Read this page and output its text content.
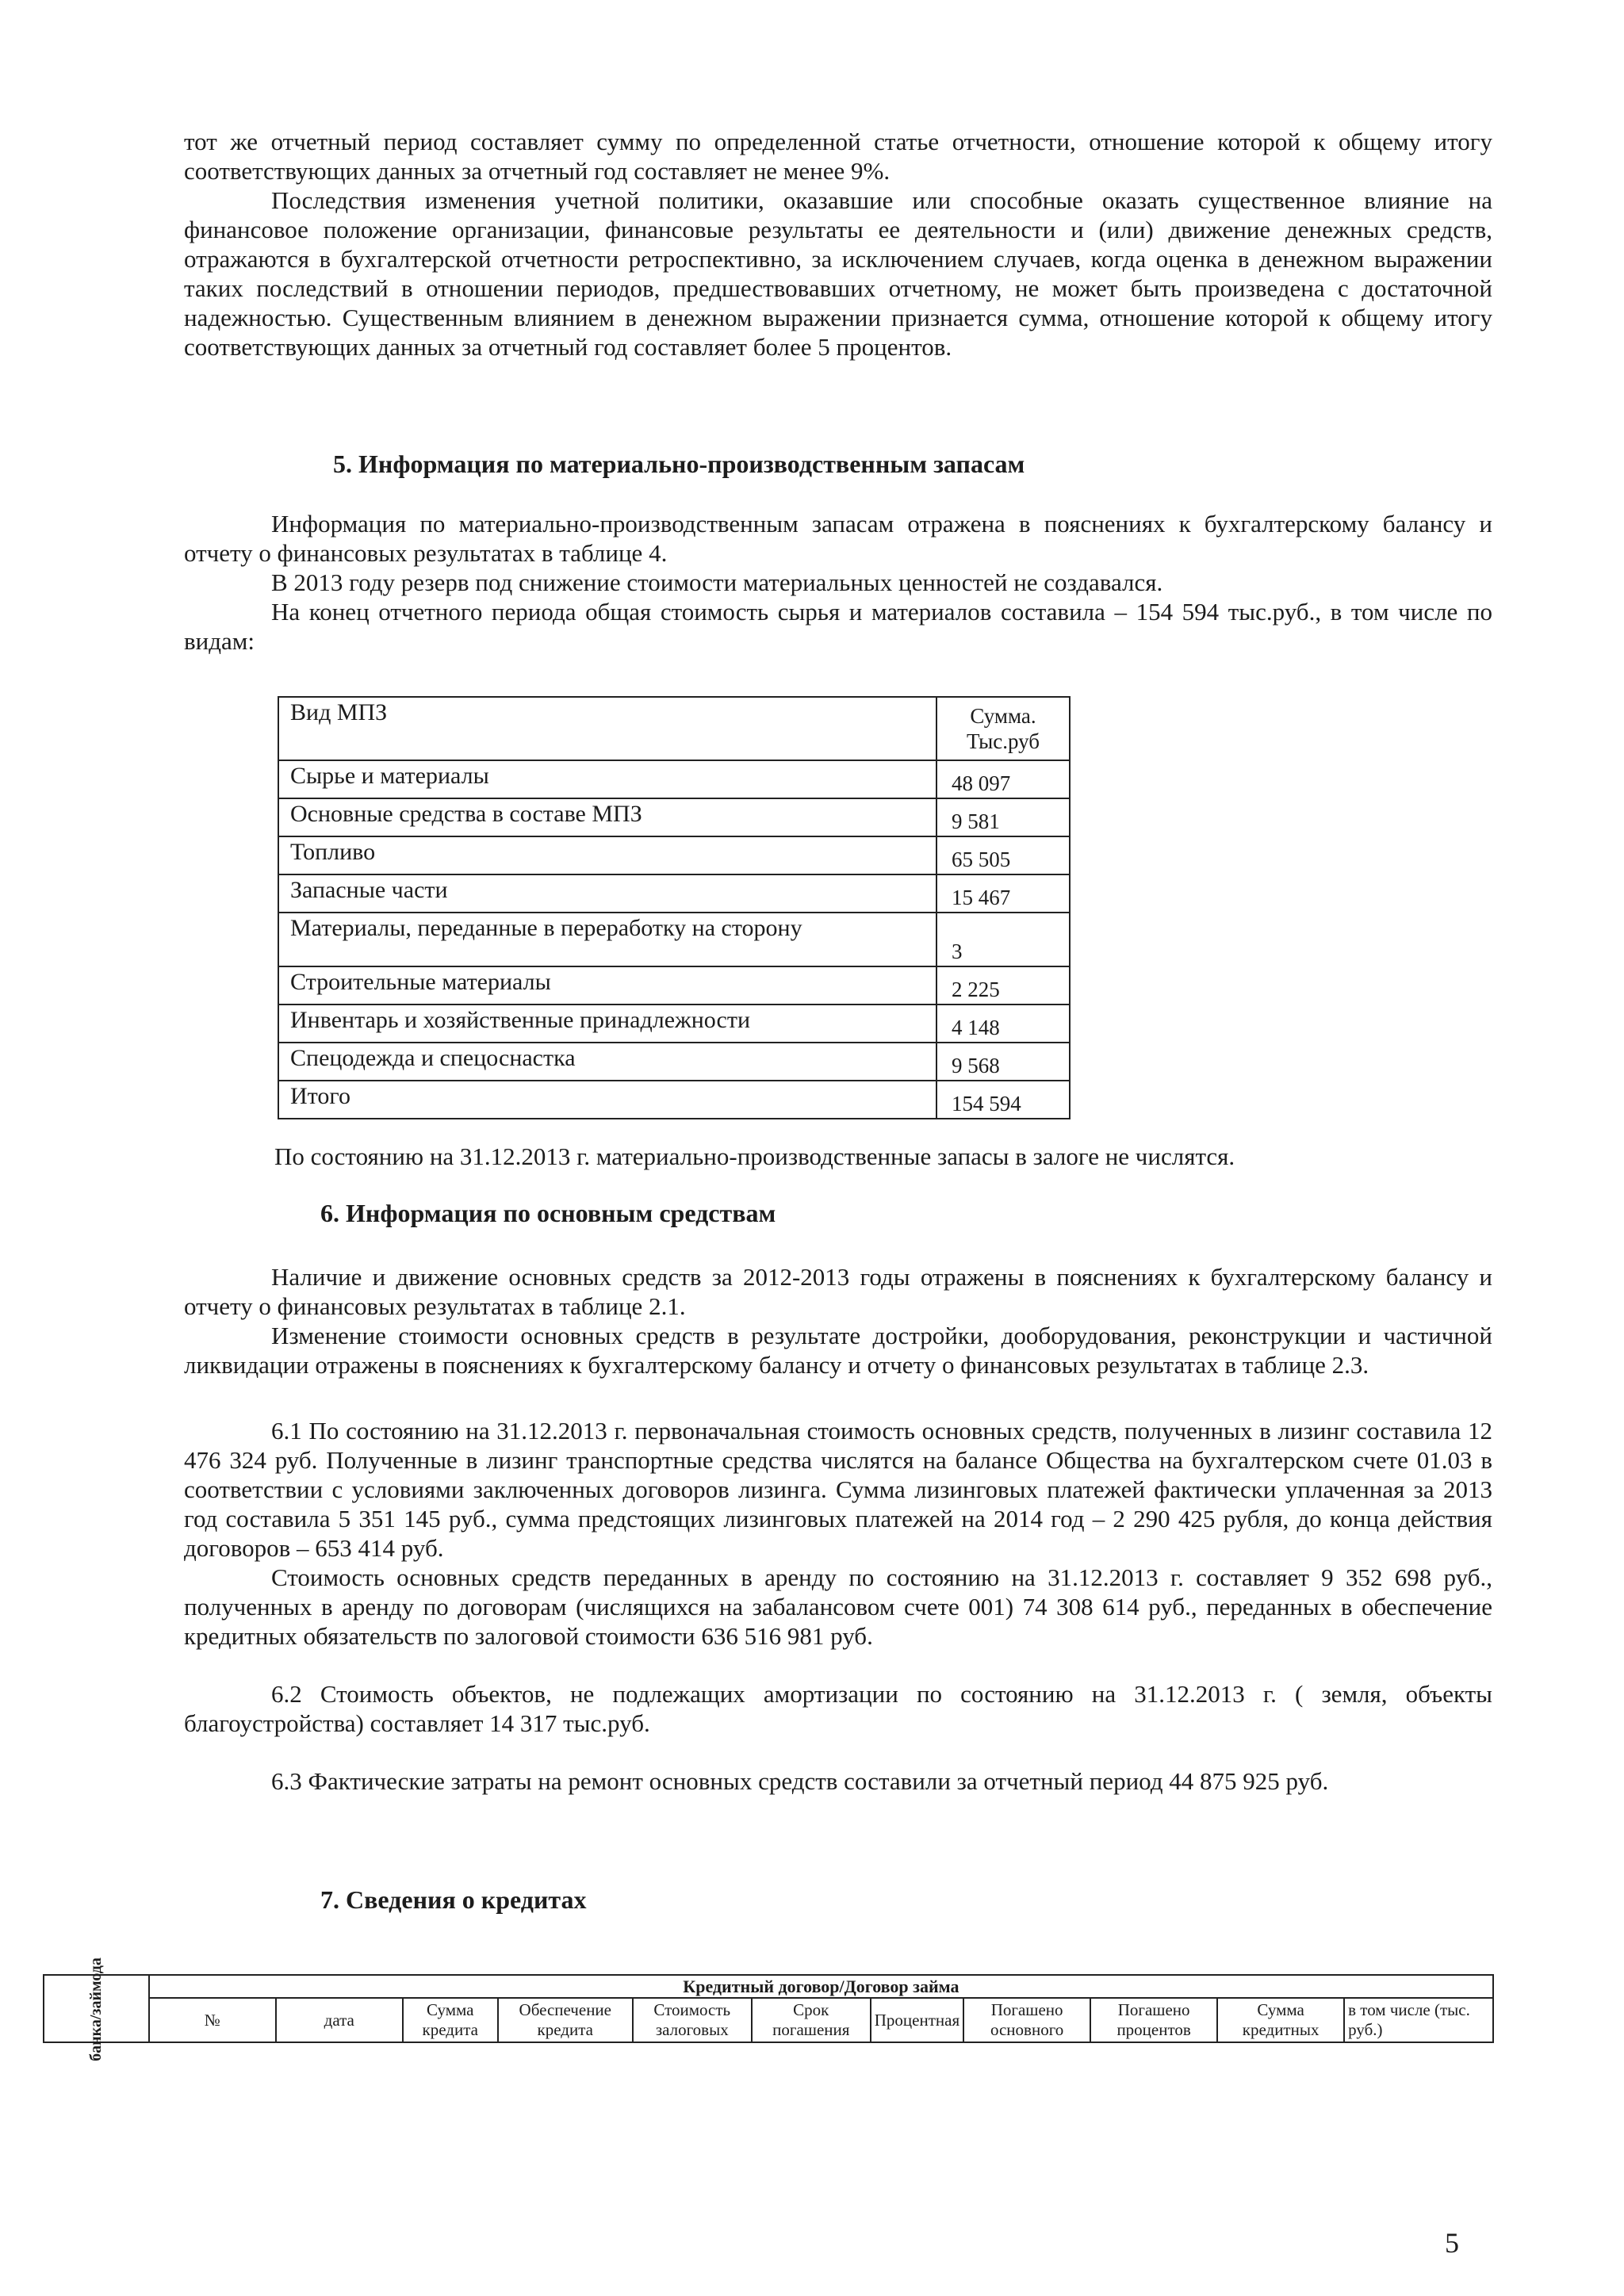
тот же отчетный период составляет сумму по определенной статье отчетности, отношение которой к общему итогу соответствующих данных за отчетный год составляет не менее 9%.

Последствия изменения учетной политики, оказавшие или способные оказать существенное влияние на финансовое положение организации, финансовые результаты ее деятельности и (или) движение денежных средств, отражаются в бухгалтерской отчетности ретроспективно, за исключением случаев, когда оценка в денежном выражении таких последствий в отношении периодов, предшествовавших отчетному, не может быть произведена с достаточной надежностью. Существенным влиянием в денежном выражении признается сумма, отношение которой к общему итогу соответствующих данных за отчетный год составляет более 5 процентов.

5. Информация по материально-производственным запасам

Информация по материально-производственным запасам отражена в пояснениях к бухгалтерскому балансу и отчету о финансовых результатах в таблице 4.

В 2013 году резерв под снижение стоимости материальных ценностей не создавался.

На конец отчетного периода общая стоимость сырья и материалов составила – 154 594 тыс.руб., в том числе по видам:

Вид МПЗ	Сумма. Тыс.руб
Сырье и материалы	48 097
Основные средства в составе МПЗ	9 581
Топливо	65 505
Запасные части	15 467
Материалы, переданные в переработку на сторону	3
Строительные материалы	2 225
Инвентарь и хозяйственные принадлежности	4 148
Спецодежда и спецоснастка	9 568
Итого	154 594

По состоянию на 31.12.2013 г. материально-производственные запасы в залоге не числятся.

6. Информация по основным средствам

Наличие и движение основных средств за 2012-2013 годы отражены в пояснениях к бухгалтерскому балансу и отчету о финансовых результатах в таблице 2.1.

Изменение стоимости основных средств в результате достройки, дооборудования, реконструкции и частичной ликвидации отражены в пояснениях к бухгалтерскому балансу и отчету о финансовых результатах в таблице 2.3.

6.1 По состоянию на 31.12.2013 г. первоначальная стоимость основных средств, полученных в лизинг составила 12 476 324 руб. Полученные в лизинг транспортные средства числятся на балансе Общества на бухгалтерском счете 01.03 в соответствии с условиями заключенных договоров лизинга. Сумма лизинговых платежей фактически уплаченная за 2013 год составила 5 351 145 руб., сумма предстоящих лизинговых платежей на 2014 год – 2 290 425 рубля, до конца действия договоров – 653 414 руб.

Стоимость основных средств переданных в аренду по состоянию на 31.12.2013 г. составляет 9 352 698 руб., полученных в аренду по договорам (числящихся на забалансовом счете 001) 74 308 614 руб., переданных в обеспечение кредитных обязательств по залоговой стоимости 636 516 981 руб.

6.2 Стоимость объектов, не подлежащих амортизации по состоянию на 31.12.2013 г. ( земля, объекты благоустройства) составляет 14 317 тыс.руб.

6.3 Фактические затраты на ремонт основных средств составили за отчетный период 44 875 925 руб.

7. Сведения о кредитах
банка/займода	Кредитный договор/Договор займа										
	№	дата	Сумма кредита	Обеспечение кредита	Стоимость залоговых	Срок погашения	Процентная	Погашено основного	Погашено процентов	Сумма кредитных	в том числе (тыс. руб.)
5
